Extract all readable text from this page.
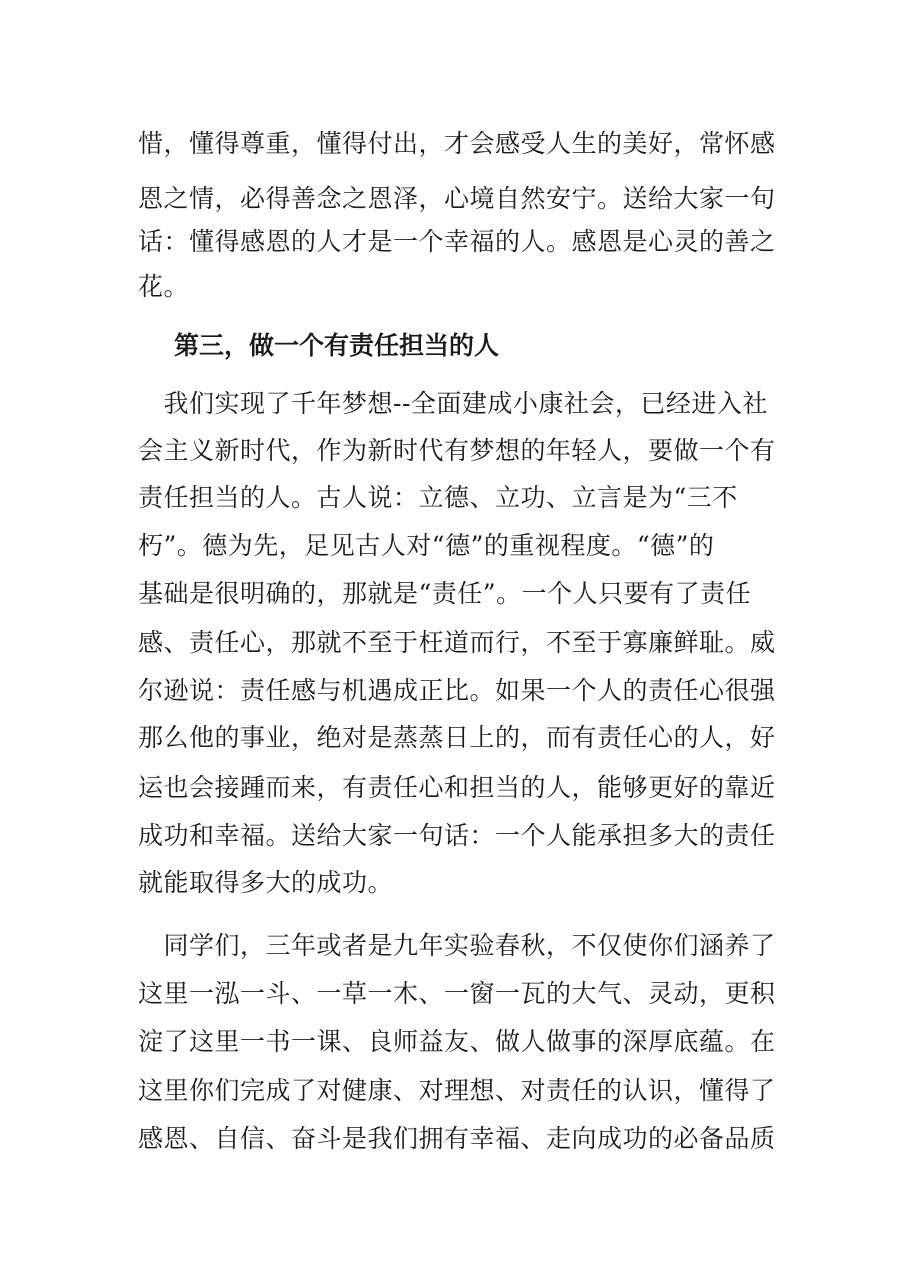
惜，懂得尊重，懂得付出，才会感受人生的美好，常怀感
恩之情，必得善念之恩泽，心境自然安宁。送给大家一句
话：懂得感恩的人才是一个幸福的人。感恩是心灵的善之
花。
第三，做一个有责任担当的人
　我们实现了千年梦想--全面建成小康社会，已经进入社
会主义新时代，作为新时代有梦想的年轻人，要做一个有
责任担当的人。古人说：立德、立功、立言是为“三不
朽”。德为先，足见古人对“德”的重视程度。“德”的
基础是很明确的，那就是“责任”。一个人只要有了责任
感、责任心，那就不至于枉道而行，不至于寡廉鲜耻。威
尔逊说：责任感与机遇成正比。如果一个人的责任心很强
那么他的事业，绝对是蒸蒸日上的，而有责任心的人，好
运也会接踵而来，有责任心和担当的人，能够更好的靠近
成功和幸福。送给大家一句话：一个人能承担多大的责任
就能取得多大的成功。
　同学们，三年或者是九年实验春秋，不仅使你们涵养了
这里一泓一斗、一草一木、一窗一瓦的大气、灵动，更积
淀了这里一书一课、良师益友、做人做事的深厚底蕴。在
这里你们完成了对健康、对理想、对责任的认识，懂得了
感恩、自信、奋斗是我们拥有幸福、走向成功的必备品质
